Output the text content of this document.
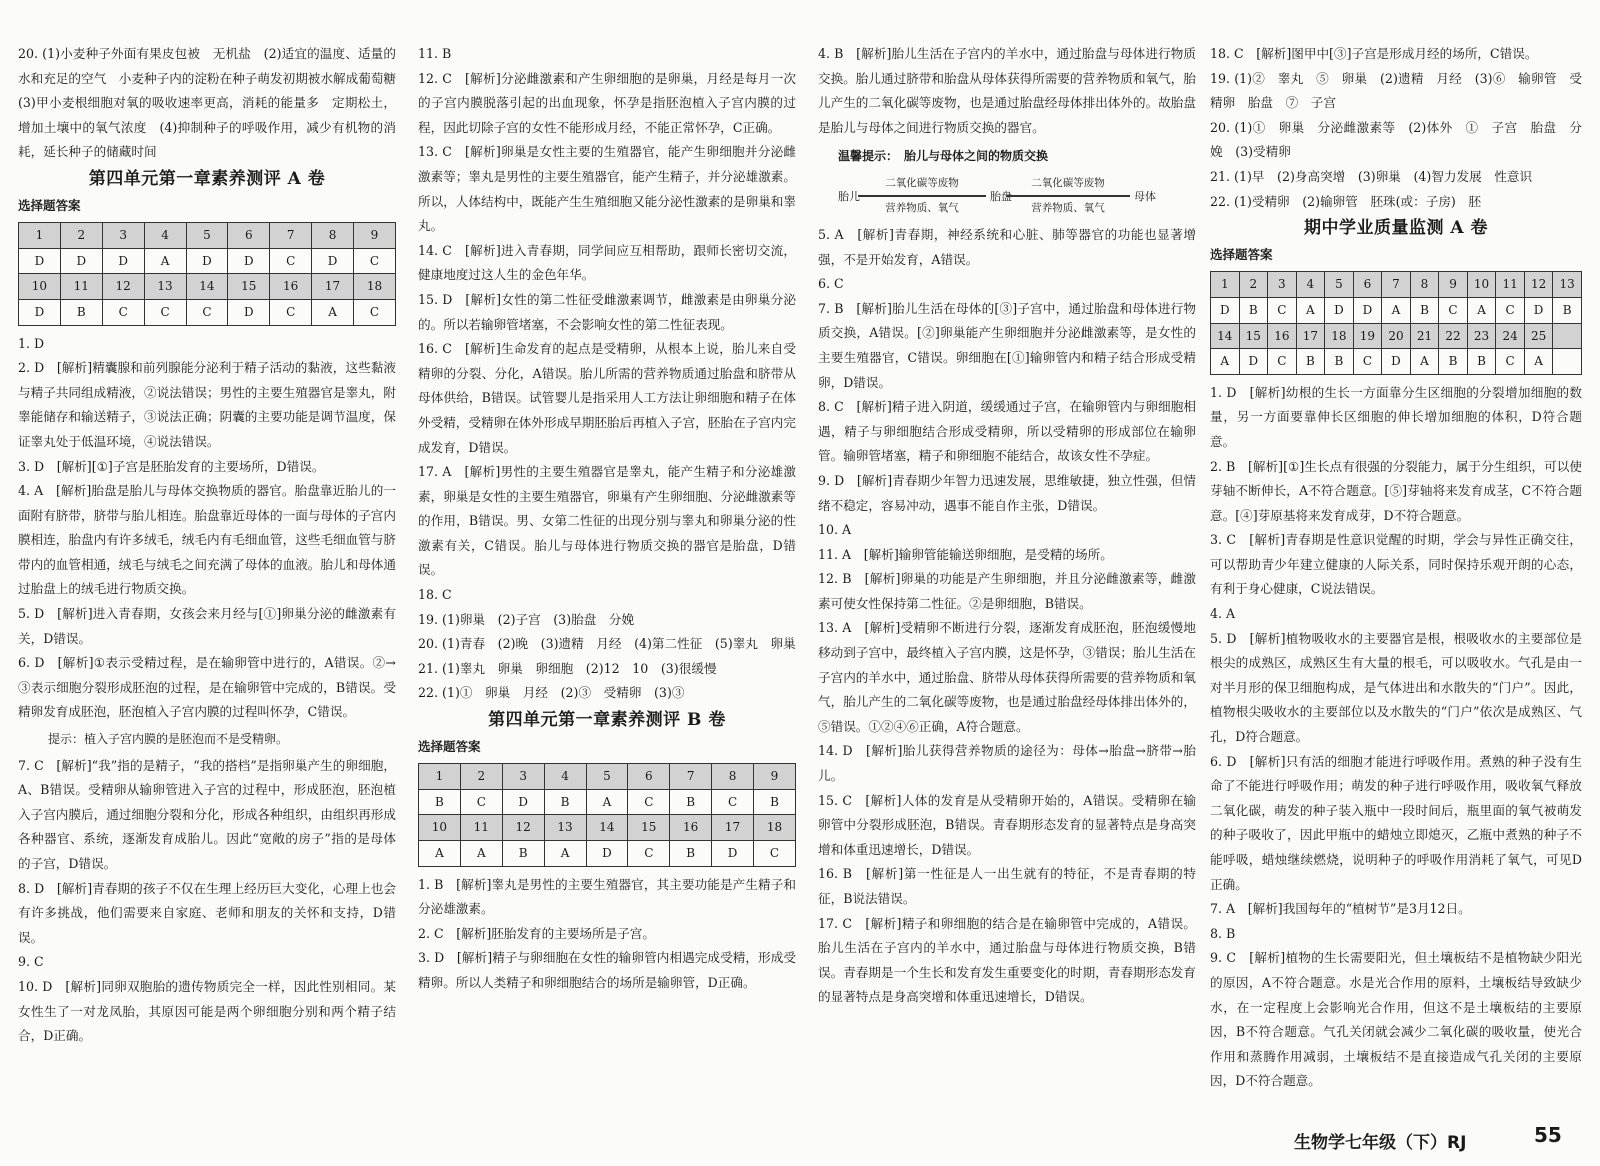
20. (1)小麦种子外面有果皮包被　无机盐　(2)适宜的温度、适量的水和充足的空气　小麦种子内的淀粉在种子萌发初期被水解成葡萄糖　(3)甲小麦根细胞对氧的吸收速率更高，消耗的能量多　定期松土，增加土壤中的氧气浓度　(4)抑制种子的呼吸作用，减少有机物的消耗，延长种子的储藏时间

第四单元第一章素养测评 A 卷

选择题答案

1	2	3	4	5	6	7	8	9
D	D	D	A	D	D	C	D	C
10	11	12	13	14	15	16	17	18
D	B	C	C	C	D	C	A	C

1. D

2. D　[解析]精囊腺和前列腺能分泌利于精子活动的黏液，这些黏液与精子共同组成精液，②说法错误；男性的主要生殖器官是睾丸，附睾能储存和输送精子，③说法正确；阴囊的主要功能是调节温度，保证睾丸处于低温环境，④说法错误。

3. D　[解析][①]子宫是胚胎发育的主要场所，D错误。

4. A　[解析]胎盘是胎儿与母体交换物质的器官。胎盘靠近胎儿的一面附有脐带，脐带与胎儿相连。胎盘靠近母体的一面与母体的子宫内膜相连，胎盘内有许多绒毛，绒毛内有毛细血管，这些毛细血管与脐带内的血管相通，绒毛与绒毛之间充满了母体的血液。胎儿和母体通过胎盘上的绒毛进行物质交换。

5. D　[解析]进入青春期，女孩会来月经与[①]卵巢分泌的雌激素有关，D错误。

6. D　[解析]①表示受精过程，是在输卵管中进行的，A错误。②→③表示细胞分裂形成胚泡的过程，是在输卵管中完成的，B错误。受精卵发育成胚泡，胚泡植入子宫内膜的过程叫怀孕，C错误。

提示：植入子宫内膜的是胚泡而不是受精卵。

7. C　[解析]“我”指的是精子，“我的搭档”是指卵巢产生的卵细胞，A、B错误。受精卵从输卵管进入子宫的过程中，形成胚泡，胚泡植入子宫内膜后，通过细胞分裂和分化，形成各种组织，由组织再形成各种器官、系统，逐渐发育成胎儿。因此“宽敞的房子”指的是母体的子宫，D错误。

8. D　[解析]青春期的孩子不仅在生理上经历巨大变化，心理上也会有许多挑战，他们需要来自家庭、老师和朋友的关怀和支持，D错误。

9. C

10. D　[解析]同卵双胞胎的遗传物质完全一样，因此性别相同。某女性生了一对龙凤胎，其原因可能是两个卵细胞分别和两个精子结合，D正确。

11. B

12. C　[解析]分泌雌激素和产生卵细胞的是卵巢，月经是每月一次的子宫内膜脱落引起的出血现象，怀孕是指胚泡植入子宫内膜的过程，因此切除子宫的女性不能形成月经，不能正常怀孕，C正确。

13. C　[解析]卵巢是女性主要的生殖器官，能产生卵细胞并分泌雌激素等；睾丸是男性的主要生殖器官，能产生精子，并分泌雄激素。所以，人体结构中，既能产生生殖细胞又能分泌性激素的是卵巢和睾丸。

14. C　[解析]进入青春期，同学间应互相帮助，跟师长密切交流，健康地度过这人生的金色年华。

15. D　[解析]女性的第二性征受雌激素调节，雌激素是由卵巢分泌的。所以若输卵管堵塞，不会影响女性的第二性征表现。

16. C　[解析]生命发育的起点是受精卵，从根本上说，胎儿来自受精卵的分裂、分化，A错误。胎儿所需的营养物质通过胎盘和脐带从母体供给，B错误。试管婴儿是指采用人工方法让卵细胞和精子在体外受精，受精卵在体外形成早期胚胎后再植入子宫，胚胎在子宫内完成发育，D错误。

17. A　[解析]男性的主要生殖器官是睾丸，能产生精子和分泌雄激素，卵巢是女性的主要生殖器官，卵巢有产生卵细胞、分泌雌激素等的作用，B错误。男、女第二性征的出现分别与睾丸和卵巢分泌的性激素有关，C错误。胎儿与母体进行物质交换的器官是胎盘，D错误。

18. C

19. (1)卵巢　(2)子宫　(3)胎盘　分娩

20. (1)青春　(2)晚　(3)遗精　月经　(4)第二性征　(5)睾丸　卵巢

21. (1)睾丸　卵巢　卵细胞　(2)12　10　(3)很缓慢

22. (1)①　卵巢　月经　(2)③　受精卵　(3)③

第四单元第一章素养测评 B 卷

选择题答案

1	2	3	4	5	6	7	8	9
B	C	D	B	A	C	B	C	B
10	11	12	13	14	15	16	17	18
A	A	B	A	D	C	B	D	C

1. B　[解析]睾丸是男性的主要生殖器官，其主要功能是产生精子和分泌雄激素。

2. C　[解析]胚胎发育的主要场所是子宫。

3. D　[解析]精子与卵细胞在女性的输卵管内相遇完成受精，形成受精卵。所以人类精子和卵细胞结合的场所是输卵管，D正确。

4. B　[解析]胎儿生活在子宫内的羊水中，通过胎盘与母体进行物质交换。胎儿通过脐带和胎盘从母体获得所需要的营养物质和氧气，胎儿产生的二氧化碳等废物，也是通过胎盘经母体排出体外的。故胎盘是胎儿与母体之间进行物质交换的器官。

温馨提示：　胎儿与母体之间的物质交换

二氧化碳等废物
胎儿
营养物质、氧气
胎盘
二氧化碳等废物
营养物质、氧气
母体

5. A　[解析]青春期，神经系统和心脏、肺等器官的功能也显著增强，不是开始发育，A错误。

6. C

7. B　[解析]胎儿生活在母体的[③]子宫中，通过胎盘和母体进行物质交换，A错误。[②]卵巢能产生卵细胞并分泌雌激素等，是女性的主要生殖器官，C错误。卵细胞在[①]输卵管内和精子结合形成受精卵，D错误。

8. C　[解析]精子进入阴道，缓缓通过子宫，在输卵管内与卵细胞相遇，精子与卵细胞结合形成受精卵，所以受精卵的形成部位在输卵管。输卵管堵塞，精子和卵细胞不能结合，故该女性不孕症。

9. D　[解析]青春期少年智力迅速发展，思维敏捷，独立性强，但情绪不稳定，容易冲动，遇事不能自作主张，D错误。

10. A

11. A　[解析]输卵管能输送卵细胞，是受精的场所。

12. B　[解析]卵巢的功能是产生卵细胞，并且分泌雌激素等，雌激素可使女性保持第二性征。②是卵细胞，B错误。

13. A　[解析]受精卵不断进行分裂，逐渐发育成胚泡，胚泡缓慢地移动到子宫中，最终植入子宫内膜，这是怀孕，③错误；胎儿生活在子宫内的羊水中，通过胎盘、脐带从母体获得所需要的营养物质和氧气，胎儿产生的二氧化碳等废物，也是通过胎盘经母体排出体外的，⑤错误。①②④⑥正确，A符合题意。

14. D　[解析]胎儿获得营养物质的途径为：母体→胎盘→脐带→胎儿。

15. C　[解析]人体的发育是从受精卵开始的，A错误。受精卵在输卵管中分裂形成胚泡，B错误。青春期形态发育的显著特点是身高突增和体重迅速增长，D错误。

16. B　[解析]第一性征是人一出生就有的特征，不是青春期的特征，B说法错误。

17. C　[解析]精子和卵细胞的结合是在输卵管中完成的，A错误。胎儿生活在子宫内的羊水中，通过胎盘与母体进行物质交换，B错误。青春期是一个生长和发育发生重要变化的时期，青春期形态发育的显著特点是身高突增和体重迅速增长，D错误。

18. C　[解析]图甲中[③]子宫是形成月经的场所，C错误。

19. (1)②　睾丸　⑤　卵巢　(2)遗精　月经　(3)⑥　输卵管　受精卵　胎盘　⑦　子宫

20. (1)①　卵巢　分泌雌激素等　(2)体外　①　子宫　胎盘　分娩　(3)受精卵

21. (1)早　(2)身高突增　(3)卵巢　(4)智力发展　性意识

22. (1)受精卵　(2)输卵管　胚珠(或：子房)　胚

期中学业质量监测 A 卷

选择题答案

1	2	3	4	5	6	7	8	9	10	11	12	13
D	B	C	A	D	D	A	B	C	A	C	D	B
14	15	16	17	18	19	20	21	22	23	24	25	
A	D	C	B	B	C	D	A	B	B	C	A	

1. D　[解析]幼根的生长一方面靠分生区细胞的分裂增加细胞的数量，另一方面要靠伸长区细胞的伸长增加细胞的体积，D符合题意。

2. B　[解析][①]生长点有很强的分裂能力，属于分生组织，可以使芽轴不断伸长，A不符合题意。[⑤]芽轴将来发育成茎，C不符合题意。[④]芽原基将来发育成芽，D不符合题意。

3. C　[解析]青春期是性意识觉醒的时期，学会与异性正确交往，可以帮助青少年建立健康的人际关系，同时保持乐观开朗的心态，有利于身心健康，C说法错误。

4. A

5. D　[解析]植物吸收水的主要器官是根，根吸收水的主要部位是根尖的成熟区，成熟区生有大量的根毛，可以吸收水。气孔是由一对半月形的保卫细胞构成，是气体进出和水散失的“门户”。因此，植物根尖吸收水的主要部位以及水散失的“门户”依次是成熟区、气孔，D符合题意。

6. D　[解析]只有活的细胞才能进行呼吸作用。煮熟的种子没有生命了不能进行呼吸作用；萌发的种子进行呼吸作用，吸收氧气释放二氧化碳，萌发的种子装入瓶中一段时间后，瓶里面的氧气被萌发的种子吸收了，因此甲瓶中的蜡烛立即熄灭，乙瓶中煮熟的种子不能呼吸，蜡烛继续燃烧，说明种子的呼吸作用消耗了氧气，可见D正确。

7. A　[解析]我国每年的“植树节”是3月12日。

8. B

9. C　[解析]植物的生长需要阳光，但土壤板结不是植物缺少阳光的原因，A不符合题意。水是光合作用的原料，土壤板结导致缺少水，在一定程度上会影响光合作用，但这不是土壤板结的主要原因，B不符合题意。气孔关闭就会减少二氧化碳的吸收量，使光合作用和蒸腾作用减弱，土壤板结不是直接造成气孔关闭的主要原因，D不符合题意。

生物学七年级（下）RJ	55
